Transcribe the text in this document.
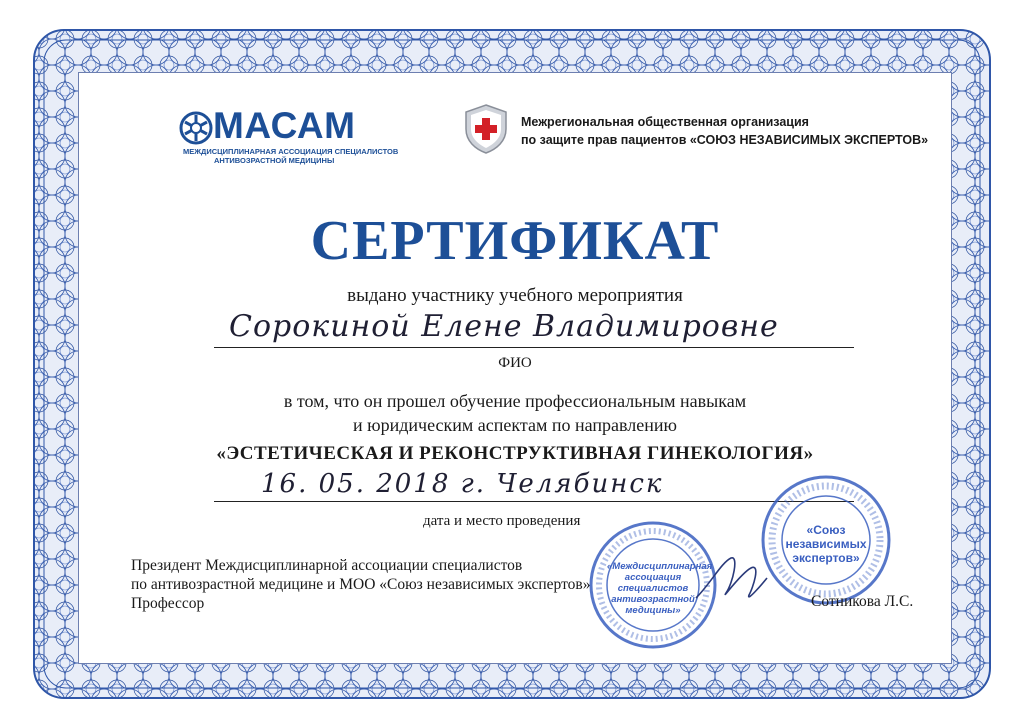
МАСАМ
МЕЖДИСЦИПЛИНАРНАЯ АССОЦИАЦИЯ СПЕЦИАЛИСТОВ
АНТИВОЗРАСТНОЙ МЕДИЦИНЫ
Межрегиональная общественная организация
по защите прав пациентов «СОЮЗ НЕЗАВИСИМЫХ ЭКСПЕРТОВ»
СЕРТИФИКАТ
выдано участнику учебного мероприятия
Сорокиной Елене Владимировне
ФИО
в том, что он прошел обучение профессиональным навыкам
и юридическим аспектам по направлению
«ЭСТЕТИЧЕСКАЯ И РЕКОНСТРУКТИВНАЯ ГИНЕКОЛОГИЯ»
16. 05. 2018 г. Челябинск
дата и место проведения
Президент Междисциплинарной ассоциации специалистов
по антивозрастной медицине и МОО «Союз независимых экспертов»
Профессор
«Междисциплинарная ассоциация специалистов антивозрастной медицины»
«Союз независимых экспертов»
Сотникова Л.С.
